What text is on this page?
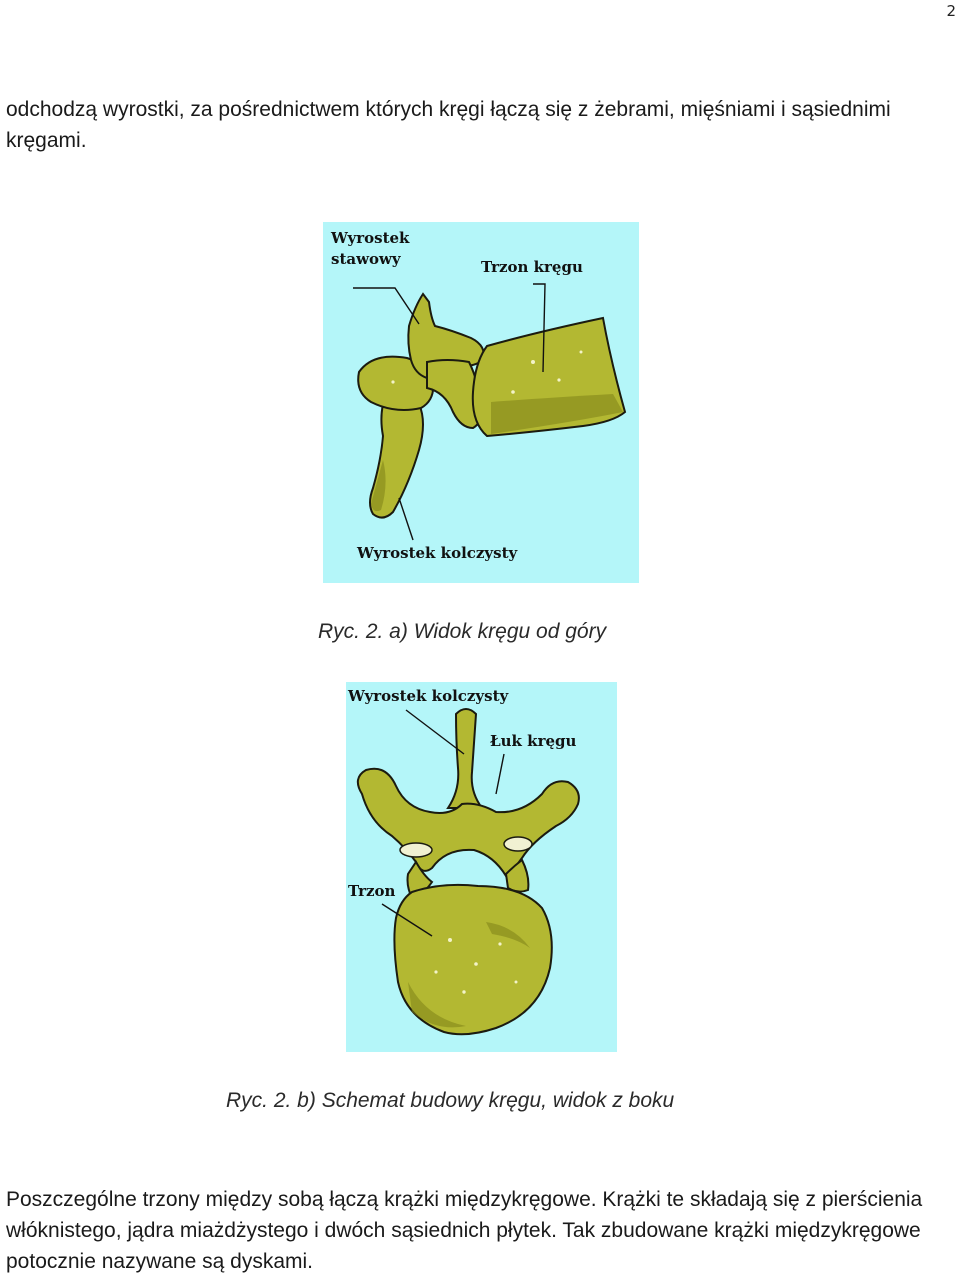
2

odchodzą wyrostki, za pośrednictwem których kręgi łączą się z żebrami, mięśniami i sąsiednimi kręgami.

Wyrostek
stawowy	Trzon kręgu
Wyrostek kolczysty
Ryc. 2. a) Widok kręgu od góry
Wyrostek kolczysty
Łuk kręgu
Trzon
Ryc. 2. b) Schemat budowy kręgu, widok z boku

Poszczególne trzony między sobą łączą krążki międzykręgowe. Krążki te składają się z pierścienia włóknistego, jądra miażdżystego i dwóch sąsiednich płytek. Tak zbudowane krążki międzykręgowe potocznie nazywane są dyskami.
